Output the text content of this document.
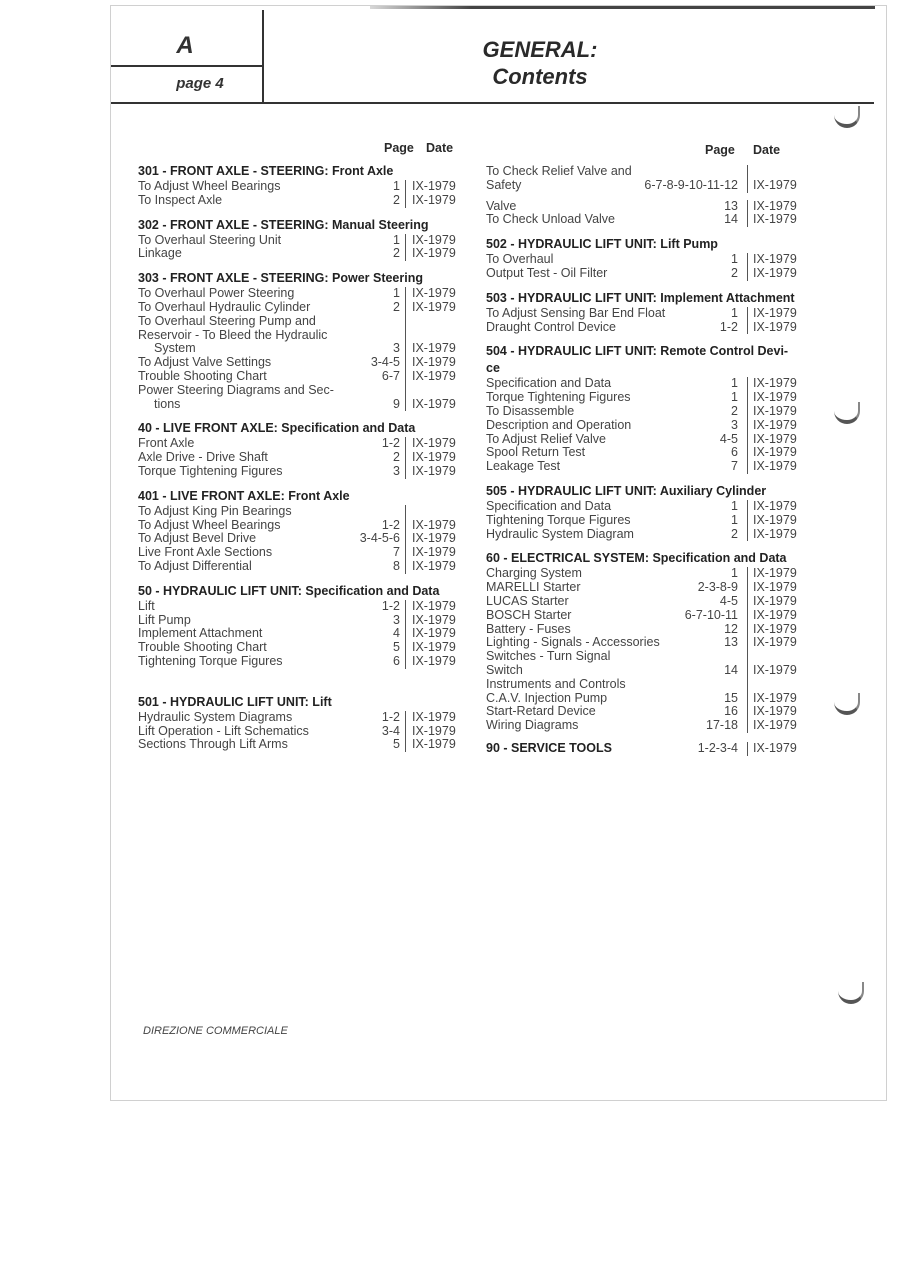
A
page 4
GENERAL:
Contents
Page Date
301 - FRONT AXLE - STEERING: Front Axle
To Adjust Wheel Bearings	1 IX-1979
To Inspect Axle	2 IX-1979
302 - FRONT AXLE - STEERING: Manual Steering
To Overhaul Steering Unit	1 IX-1979
Linkage	2 IX-1979
303 - FRONT AXLE - STEERING: Power Steering
To Overhaul Power Steering	1 IX-1979
To Overhaul Hydraulic Cylinder	2 IX-1979
To Overhaul Steering Pump and
Reservoir - To Bleed the Hydraulic
System	3 IX-1979
To Adjust Valve Settings	3-4-5 IX-1979
Trouble Shooting Chart	6-7 IX-1979
Power Steering Diagrams and Sec-
tions	9 IX-1979
40 - LIVE FRONT AXLE: Specification and Data
Front Axle	1-2 IX-1979
Axle Drive - Drive Shaft	2 IX-1979
Torque Tightening Figures	3 IX-1979
401 - LIVE FRONT AXLE: Front Axle
To Adjust King Pin Bearings
To Adjust Wheel Bearings	1-2 IX-1979
To Adjust Bevel Drive	3-4-5-6 IX-1979
Live Front Axle Sections	7 IX-1979
To Adjust Differential	8 IX-1979
50 - HYDRAULIC LIFT UNIT: Specification and Data
Lift	1-2 IX-1979
Lift Pump	3 IX-1979
Implement Attachment	4 IX-1979
Trouble Shooting Chart	5 IX-1979
Tightening Torque Figures	6 IX-1979
501 - HYDRAULIC LIFT UNIT: Lift
Hydraulic System Diagrams	1-2 IX-1979
Lift Operation - Lift Schematics	3-4 IX-1979
Sections Through Lift Arms	5 IX-1979
Page Date
To Check Relief Valve and
Safety	6-7-8-9-10-11-12 IX-1979
Valve	13 IX-1979
To Check Unload Valve	14 IX-1979
502 - HYDRAULIC LIFT UNIT: Lift Pump
To Overhaul	1 IX-1979
Output Test - Oil Filter	2 IX-1979
503 - HYDRAULIC LIFT UNIT: Implement Attachment
To Adjust Sensing Bar End Float	1 IX-1979
Draught Control Device	1-2 IX-1979
504 - HYDRAULIC LIFT UNIT: Remote Control Devi-
ce
Specification and Data	1 IX-1979
Torque Tightening Figures	1 IX-1979
To Disassemble	2 IX-1979
Description and Operation	3 IX-1979
To Adjust Relief Valve	4-5 IX-1979
Spool Return Test	6 IX-1979
Leakage Test	7 IX-1979
505 - HYDRAULIC LIFT UNIT: Auxiliary Cylinder
Specification and Data	1 IX-1979
Tightening Torque Figures	1 IX-1979
Hydraulic System Diagram	2 IX-1979
60 - ELECTRICAL SYSTEM: Specification and Data
Charging System	1 IX-1979
MARELLI Starter	2-3-8-9 IX-1979
LUCAS Starter	4-5 IX-1979
BOSCH Starter	6-7-10-11 IX-1979
Battery - Fuses	12 IX-1979
Lighting - Signals - Accessories	13 IX-1979
Switches - Turn Signal
Switch	14 IX-1979
Instruments and Controls
C.A.V. Injection Pump	15 IX-1979
Start-Retard Device	16 IX-1979
Wiring Diagrams	17-18 IX-1979
90 - SERVICE TOOLS	1-2-3-4 IX-1979
DIREZIONE COMMERCIALE
